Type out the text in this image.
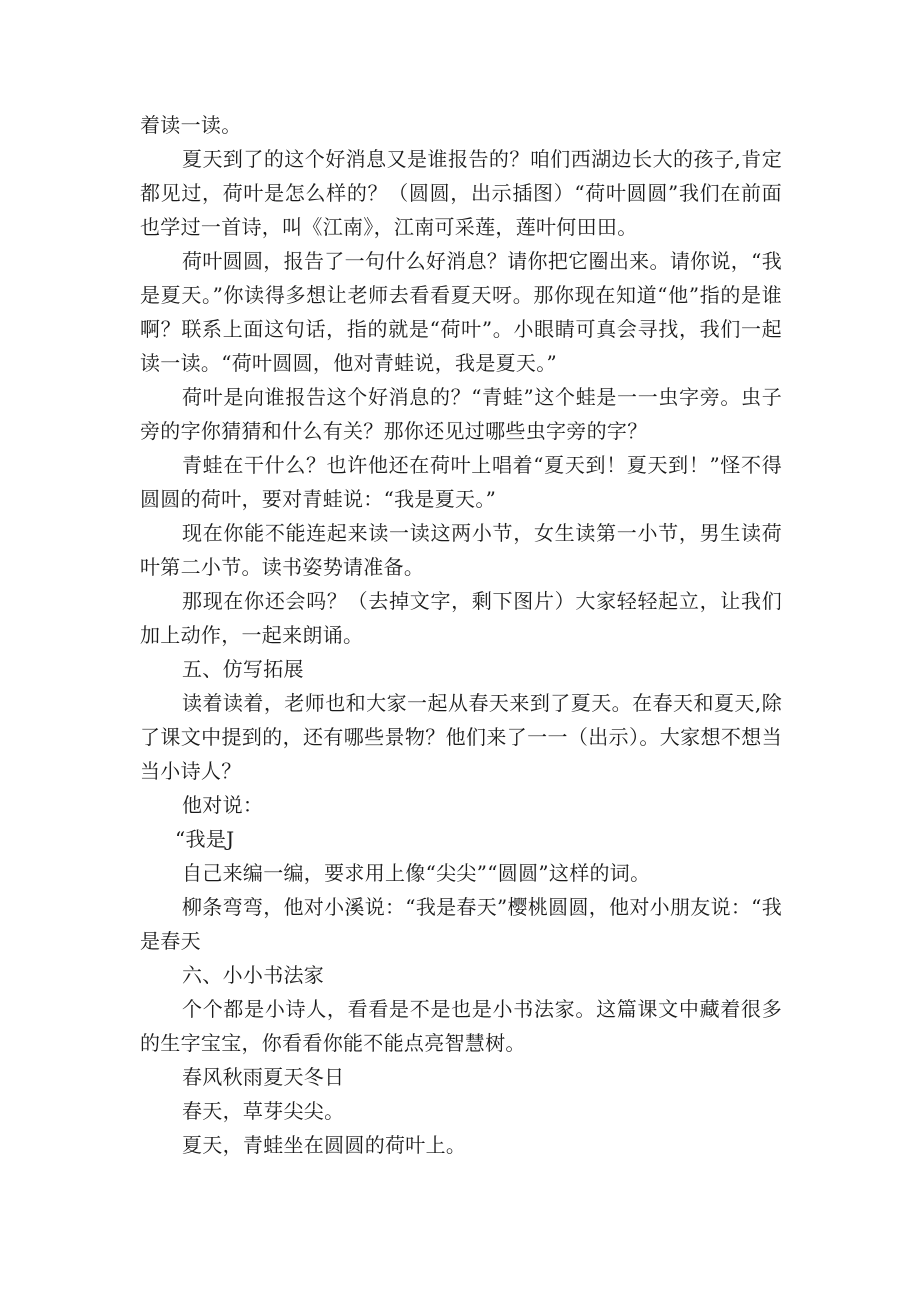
着读一读。

夏天到了的这个好消息又是谁报告的？咱们西湖边长大的孩子,肯定都见过，荷叶是怎么样的？（圆圆，出示插图）“荷叶圆圆”我们在前面也学过一首诗，叫《江南》，江南可采莲，莲叶何田田。

荷叶圆圆，报告了一句什么好消息？请你把它圈出来。请你说，“我是夏天。”你读得多想让老师去看看夏天呀。那你现在知道“他”指的是谁啊？联系上面这句话，指的就是“荷叶”。小眼睛可真会寻找，我们一起读一读。“荷叶圆圆，他对青蛙说，我是夏天。”

荷叶是向谁报告这个好消息的？“青蛙”这个蛙是一一虫字旁。虫子旁的字你猜猜和什么有关？那你还见过哪些虫字旁的字？

青蛙在干什么？也许他还在荷叶上唱着“夏天到！夏天到！”怪不得圆圆的荷叶，要对青蛙说：“我是夏天。”

现在你能不能连起来读一读这两小节，女生读第一小节，男生读荷叶第二小节。读书姿势请准备。

那现在你还会吗？（去掉文字，剩下图片）大家轻轻起立，让我们加上动作，一起来朗诵。

五、仿写拓展

读着读着，老师也和大家一起从春天来到了夏天。在春天和夏天,除了课文中提到的，还有哪些景物？他们来了一一（出示）。大家想不想当当小诗人？

他对说：

“我是J

自己来编一编，要求用上像“尖尖”“圆圆”这样的词。

柳条弯弯，他对小溪说：“我是春天”樱桃圆圆，他对小朋友说：“我是春天

六、小小书法家

个个都是小诗人，看看是不是也是小书法家。这篇课文中藏着很多的生字宝宝，你看看你能不能点亮智慧树。

春风秋雨夏天冬日

春天，草芽尖尖。

夏天，青蛙坐在圆圆的荷叶上。
